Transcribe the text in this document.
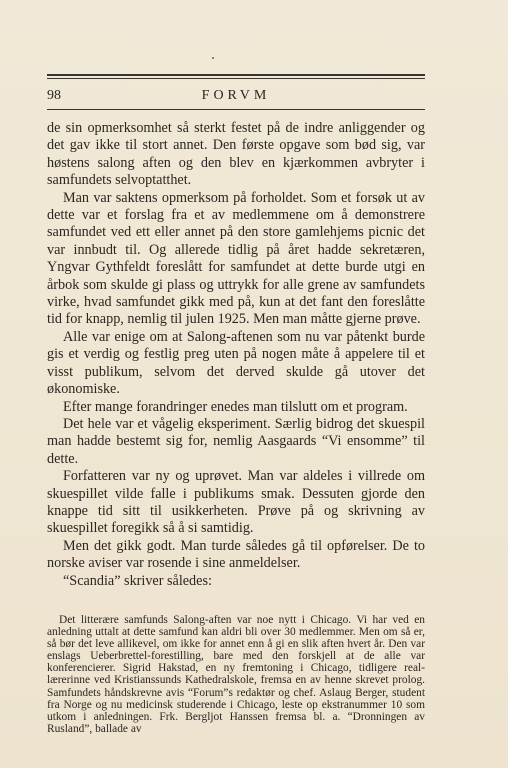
98	FORVM

de sin opmerksomhet så sterkt festet på de indre anliggender og det gav ikke til stort annet. Den første opgave som bød sig, var høstens salong aften og den blev en kjærkommen avbryter i samfundets selvoptatthet.

Man var saktens opmerksom på forholdet. Som et forsøk ut av dette var et forslag fra et av medlemmene om å demonstrere samfundet ved ett eller annet på den store gamlehjems picnic det var innbudt til. Og allerede tidlig på året hadde sekretæren, Yngvar Gythfeldt foreslått for samfundet at dette burde utgi en årbok som skulde gi plass og uttrykk for alle grene av samfundets virke, hvad samfundet gikk med på, kun at det fant den foreslåtte tid for knapp, nemlig til julen 1925. Men man måtte gjerne prøve.

Alle var enige om at Salong-aftenen som nu var påtenkt burde gis et verdig og festlig preg uten på nogen måte å appelere til et visst publikum, selvom det derved skulde gå utover det økonomiske.

Efter mange forandringer enedes man tilslutt om et program.

Det hele var et vågelig eksperiment. Særlig bidrog det skuespil man hadde bestemt sig for, nemlig Aasgaards “Vi ensomme” til dette.

Forfatteren var ny og uprøvet. Man var aldeles i villrede om skuespillet vilde falle i publikums smak. Dessuten gjorde den knappe tid sitt til usikkerheten. Prøve på og skrivning av skuespillet foregikk så å si samtidig.

Men det gikk godt. Man turde således gå til opførelser. De to norske aviser var rosende i sine anmeldelser.

“Scandia” skriver således:

Det litterære samfunds Salong-aften var noe nytt i Chicago. Vi har ved en anledning uttalt at dette samfund kan aldri bli over 30 medlemmer. Men om så er, så bør det leve allikevel, om ikke for annet enn å gi en slik aften hvert år. Den var enslags Ueberbrettel-forestilling, bare med den forskjell at de alle var konferencierer. Sigrid Hakstad, en ny fremtoning i Chicago, tidligere real-lærerinne ved Kristianssunds Kathedralskole, fremsa en av henne skrevet prolog. Samfundets håndskrevne avis “Forum”s redaktør og chef. Aslaug Berger, student fra Norge og nu medicinsk studerende i Chicago, leste op ekstranummer 10 som utkom i anledningen. Frk. Bergljot Hanssen fremsa bl. a. “Dronningen av Rusland”, ballade av
